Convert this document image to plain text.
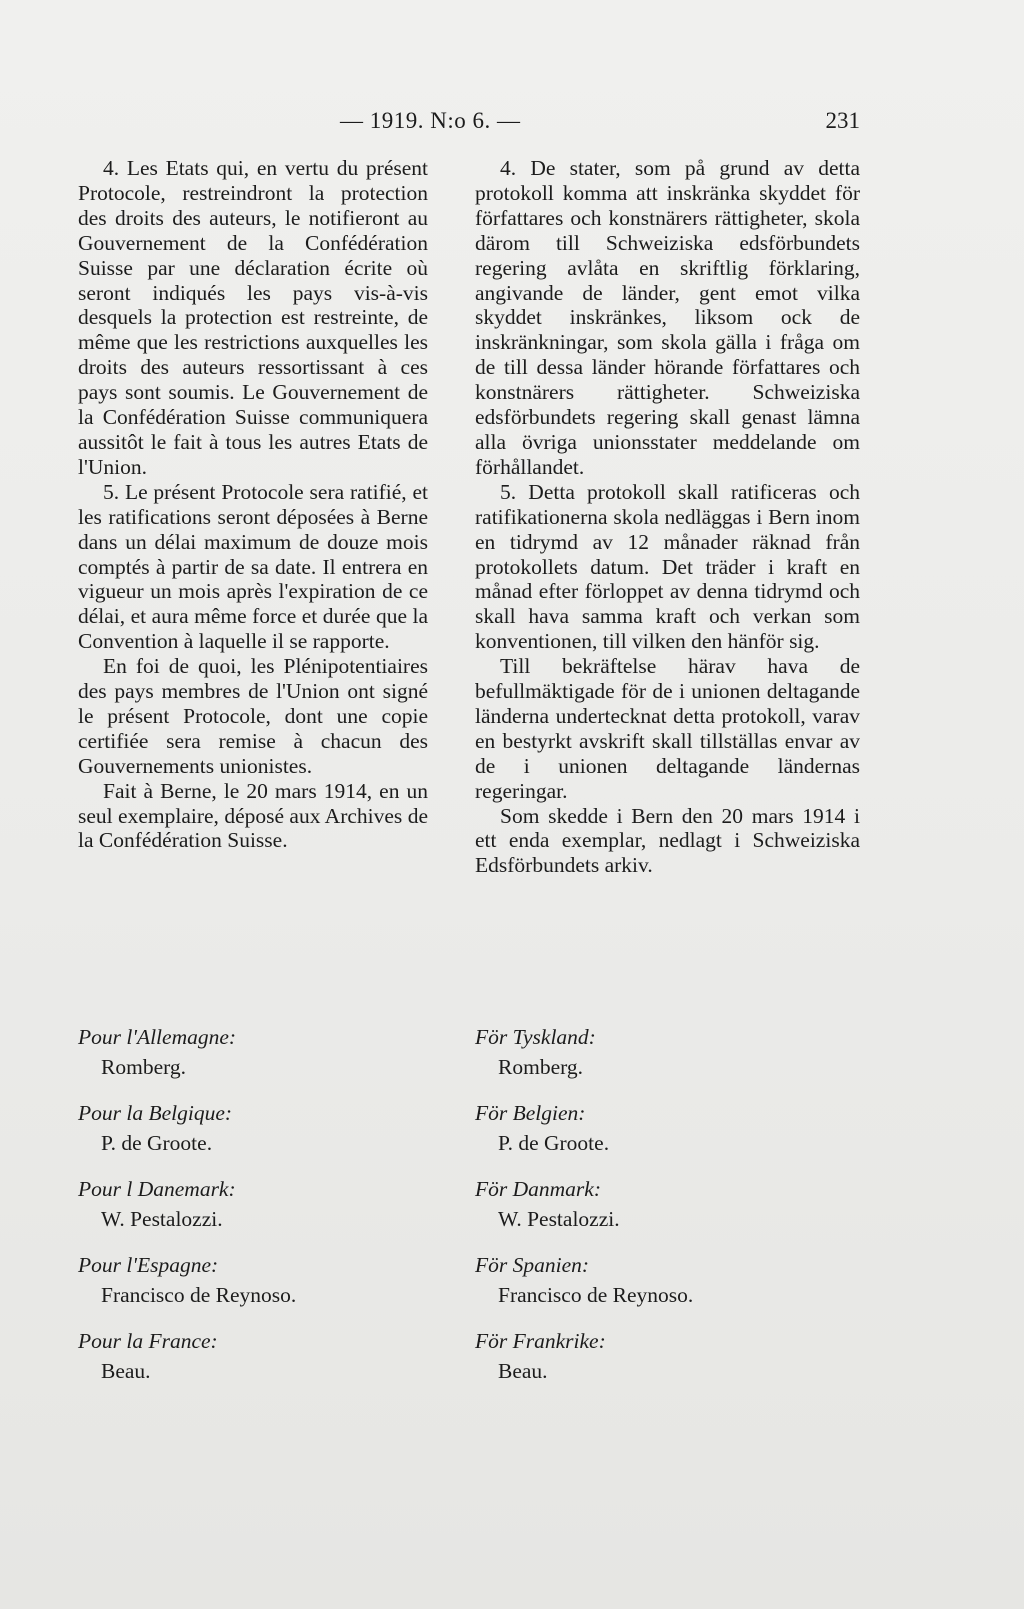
— 1919. N:o 6. —	231

4. Les Etats qui, en vertu du présent Protocole, restreindront la protection des droits des auteurs, le notifieront au Gouvernement de la Confédération Suisse par une déclaration écrite où seront indiqués les pays vis-à-vis desquels la protection est restreinte, de même que les restrictions auxquelles les droits des auteurs ressortissant à ces pays sont soumis. Le Gouvernement de la Confédération Suisse communiquera aussitôt le fait à tous les autres Etats de l'Union.

5. Le présent Protocole sera ratifié, et les ratifications seront déposées à Berne dans un délai maximum de douze mois comptés à partir de sa date. Il entrera en vigueur un mois après l'expiration de ce délai, et aura même force et durée que la Convention à laquelle il se rapporte.

En foi de quoi, les Plénipotentiaires des pays membres de l'Union ont signé le présent Protocole, dont une copie certifiée sera remise à chacun des Gouvernements unionistes.

Fait à Berne, le 20 mars 1914, en un seul exemplaire, déposé aux Archives de la Confédération Suisse.

4. De stater, som på grund av detta protokoll komma att inskränka skyddet för författares och konstnärers rättigheter, skola därom till Schweiziska edsförbundets regering avlåta en skriftlig förklaring, angivande de länder, gent emot vilka skyddet inskränkes, liksom ock de inskränkningar, som skola gälla i fråga om de till dessa länder hörande författares och konstnärers rättigheter. Schweiziska edsförbundets regering skall genast lämna alla övriga unionsstater meddelande om förhållandet.

5. Detta protokoll skall ratificeras och ratifikationerna skola nedläggas i Bern inom en tidrymd av 12 månader räknad från protokollets datum. Det träder i kraft en månad efter förloppet av denna tidrymd och skall hava samma kraft och verkan som konventionen, till vilken den hänför sig.

Till bekräftelse härav hava de befullmäktigade för de i unionen deltagande länderna undertecknat detta protokoll, varav en bestyrkt avskrift skall tillställas envar av de i unionen deltagande ländernas regeringar.

Som skedde i Bern den 20 mars 1914 i ett enda exemplar, nedlagt i Schweiziska Edsförbundets arkiv.

Pour l'Allemagne:
Romberg.
Pour la Belgique:
P. de Groote.
Pour l Danemark:
W. Pestalozzi.
Pour l'Espagne:
Francisco de Reynoso.
Pour la France:
Beau.
För Tyskland:
Romberg.
För Belgien:
P. de Groote.
För Danmark:
W. Pestalozzi.
För Spanien:
Francisco de Reynoso.
För Frankrike:
Beau.
